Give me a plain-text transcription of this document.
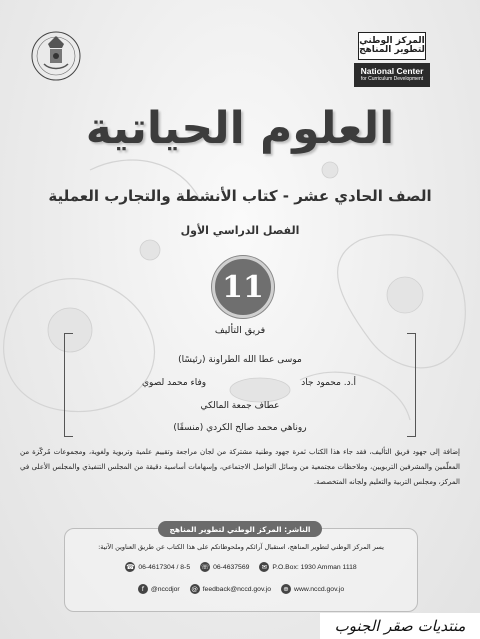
المركز الوطني لتطوير المناهج
National Center
for Curriculum Development
العلوم الحياتية
الصف الحادي عشر - كتاب الأنشطة والتجارب العملية
الفصل الدراسي الأول
11
فريق التأليف
موسى عطا الله الطراونة (رئيسًا)
أ.د. محمود جاد
وفاء محمد لصوي
عطاف جمعة المالكي
روناهي محمد صالح الكردي (منسقًا)
إضافة إلى جهود فريق التأليف، فقد جاء هذا الكتاب ثمرة جهود وطنية مشتركة من لجان مراجعة وتقييم علمية وتربوية ولغوية، ومجموعات مُركّزة من المعلّمين والمشرفين التربويين، وملاحظات مجتمعية من وسائل التواصل الاجتماعي، وإسهامات أساسية دقيقة من المجلس التنفيذي والمجلس الأعلى في المركز، ومجلس التربية والتعليم ولجانه المتخصصة.
الناشر: المركز الوطني لتطوير المناهج
يسر المركز الوطني لتطوير المناهج، استقبال آرائكم وملحوظاتكم على هذا الكتاب عن طريق العناوين الآتية:
☎ 06-4617304 / 8-5 ☏ 06-4637569	✉ P.O.Box: 1930 Amman 1118
f	@nccdjor @ feedback@nccd.gov.jo	⊕ www.nccd.gov.jo
منتديات صقر الجنوب
